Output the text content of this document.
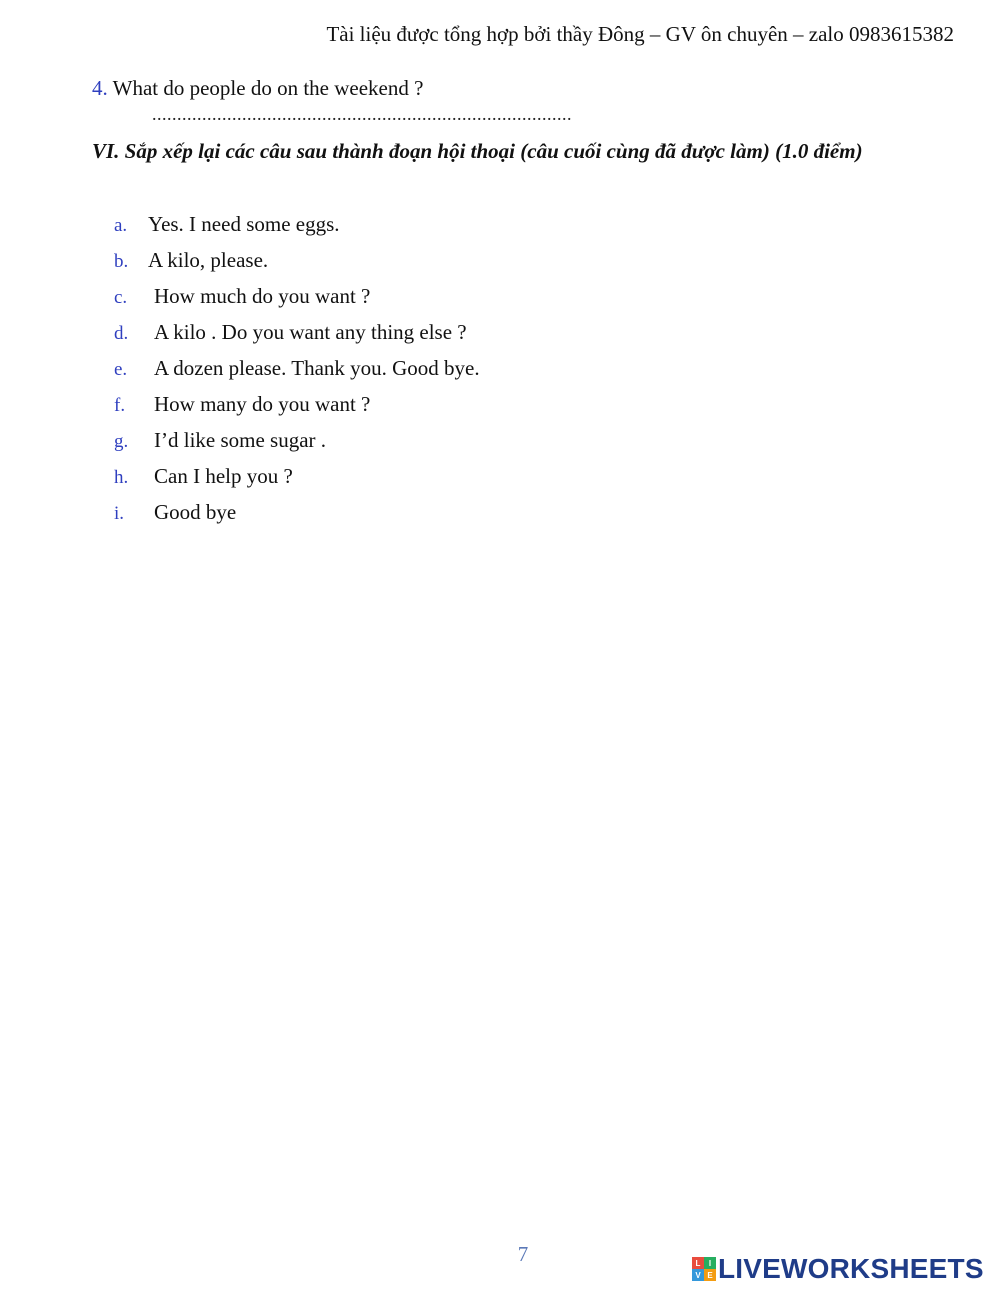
Tài liệu được tổng hợp bởi thầy Đông – GV ôn chuyên – zalo 0983615382
4. What do people do on the weekend ?
....................................................................................
VI. Sắp xếp lại các câu sau thành đoạn hội thoại (câu cuối cùng đã được làm) (1.0 điểm)
a. Yes. I need some eggs.
b. A kilo, please.
c.	How much do you want ?
d.	A kilo . Do you want any thing else ?
e.	A dozen please. Thank you. Good bye.
f.	How many do you want ?
g.	I’d like some sugar .
h.	Can I help you ?
i.	Good bye
7	L	I
V E LIVEWORKSHEETS
